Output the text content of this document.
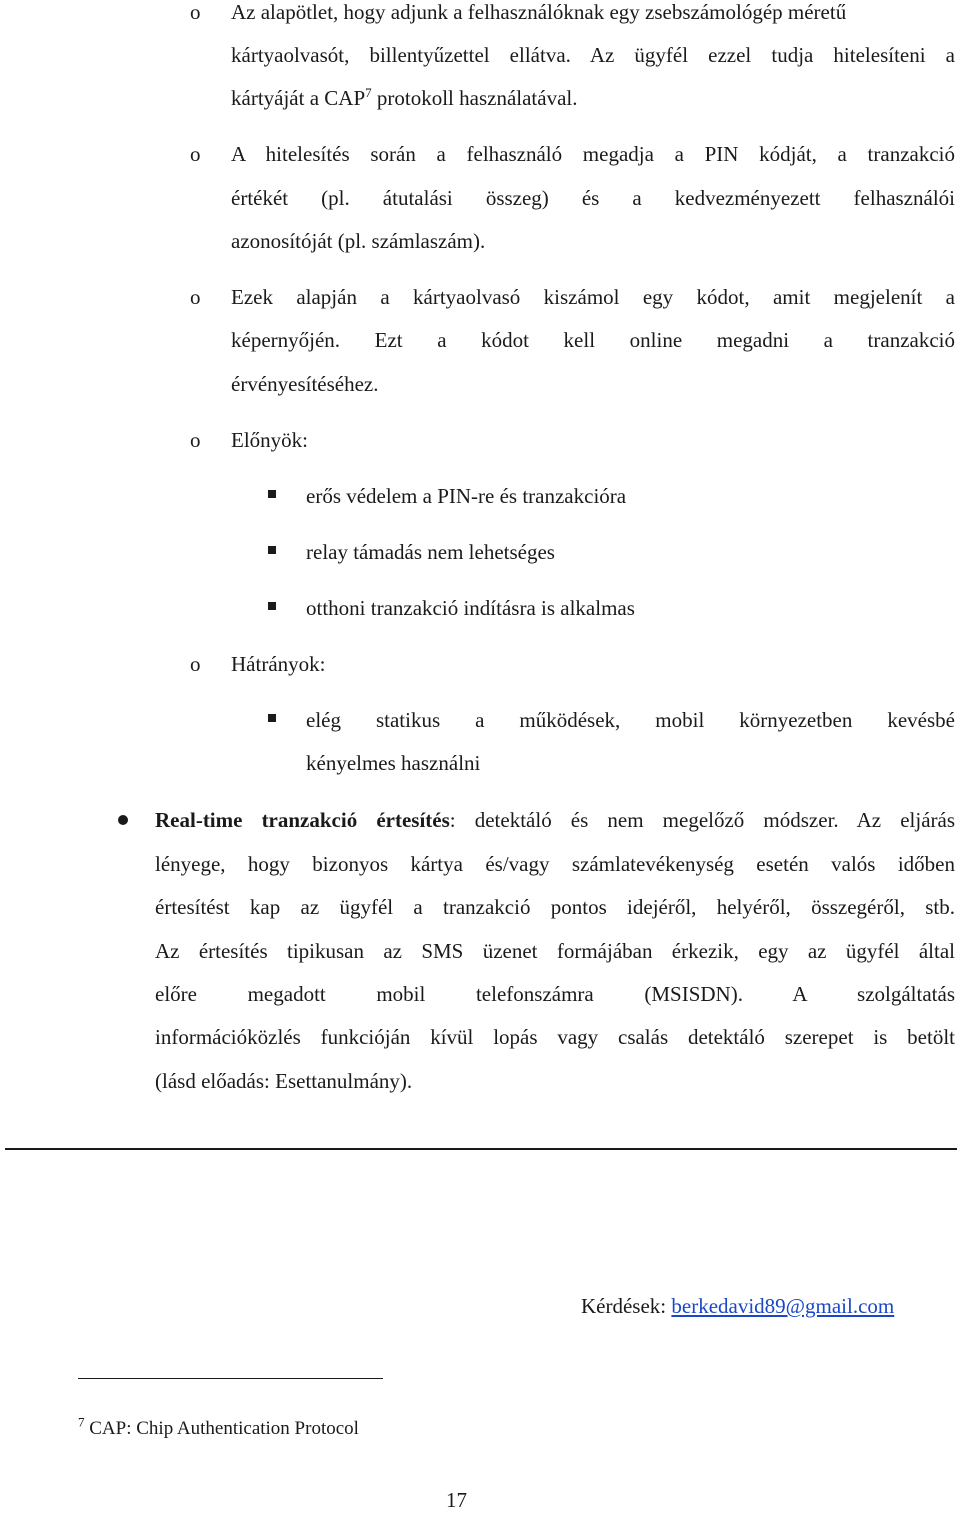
o Az alapötlet, hogy adjunk a felhasználóknak egy zsebszámológép méretű
kártyaolvasót, billentyűzettel ellátva. Az ügyfél ezzel tudja hitelesíteni a
kártyáját a CAP$^7$ protokoll használatával.
o A hitelesítés során a felhasználó megadja a PIN kódját, a tranzakció
értékét (pl. átutalási összeg) és a kedvezményezett felhasználói
azonosítóját (pl. számlaszám).
o Ezek alapján a kártyaolvasó kiszámol egy kódot, amit megjelenít a
képernyőjén. Ezt a kódot kell online megadni a tranzakció
érvényesítéséhez.
o Előnyök:
erős védelem a PIN-re és tranzakcióra
relay támadás nem lehetséges
otthoni tranzakció indításra is alkalmas
o Hátrányok:
elég statikus a működések, mobil környezetben kevésbé
kényelmes használni
Real-time tranzakció értesítés: detektáló és nem megelőző módszer. Az eljárás
lényege, hogy bizonyos kártya és/vagy számlatevékenység esetén valós időben
értesítést kap az ügyfél a tranzakció pontos idejéről, helyéről, összegéről, stb.
Az értesítés tipikusan az SMS üzenet formájában érkezik, egy az ügyfél által
előre megadott mobil telefonszámra (MSISDN). A szolgáltatás
információközlés funkcióján kívül lopás vagy csalás detektáló szerepet is betölt
(lásd előadás: Esettanulmány).
Kérdések: berkedavid89@gmail.com
$^7$ CAP: Chip Authentication Protocol
17
